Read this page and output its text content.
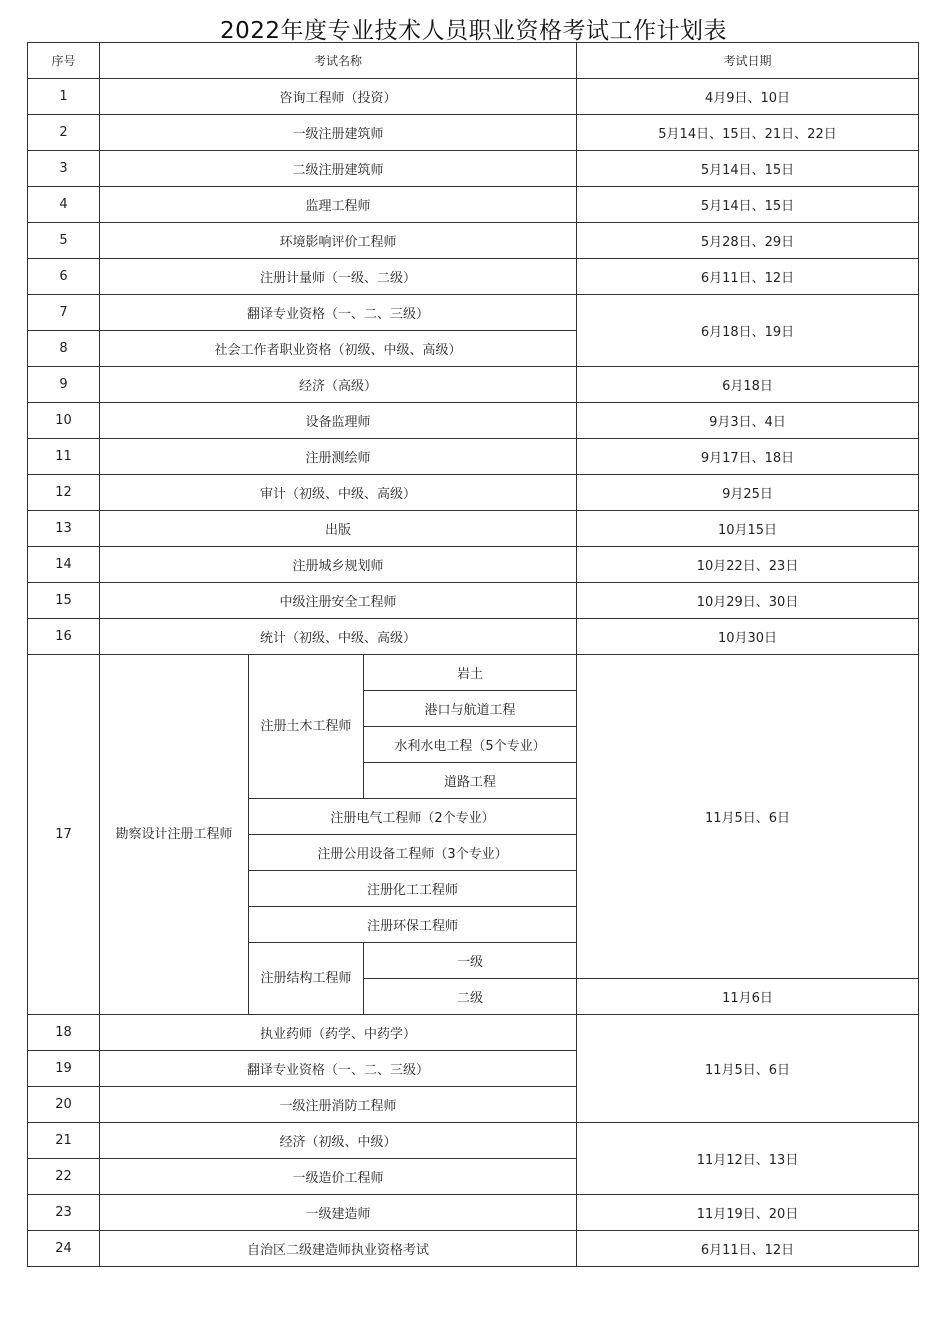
2022年度专业技术人员职业资格考试工作计划表
序号	考试名称			考试日期
1	咨询工程师（投资）			4月9日、10日
2	一级注册建筑师			5月14日、15日、21日、22日
3	二级注册建筑师			5月14日、15日
4	监理工程师			5月14日、15日
5	环境影响评价工程师			5月28日、29日
6	注册计量师（一级、二级）			6月11日、12日
7	翻译专业资格（一、二、三级）			6月18日、19日
8	社会工作者职业资格（初级、中级、高级）			
9	经济（高级）			6月18日
10	设备监理师			9月3日、4日
11	注册测绘师			9月17日、18日
12	审计（初级、中级、高级）			9月25日
13	出版			10月15日
14	注册城乡规划师			10月22日、23日
15	中级注册安全工程师			10月29日、30日
16	统计（初级、中级、高级）			10月30日
17	勘察设计注册工程师	注册土木工程师	岩土	11月5日、6日
			港口与航道工程	
			水利水电工程（5个专业）	
			道路工程	
		注册电气工程师（2个专业）		
		注册公用设备工程师（3个专业）		
		注册化工工程师		
		注册环保工程师		
		注册结构工程师	一级	
			二级	11月6日
18	执业药师（药学、中药学）			11月5日、6日
19	翻译专业资格（一、二、三级）			
20	一级注册消防工程师			
21	经济（初级、中级）			11月12日、13日
22	一级造价工程师			
23	一级建造师			11月19日、20日
24	自治区二级建造师执业资格考试			6月11日、12日
